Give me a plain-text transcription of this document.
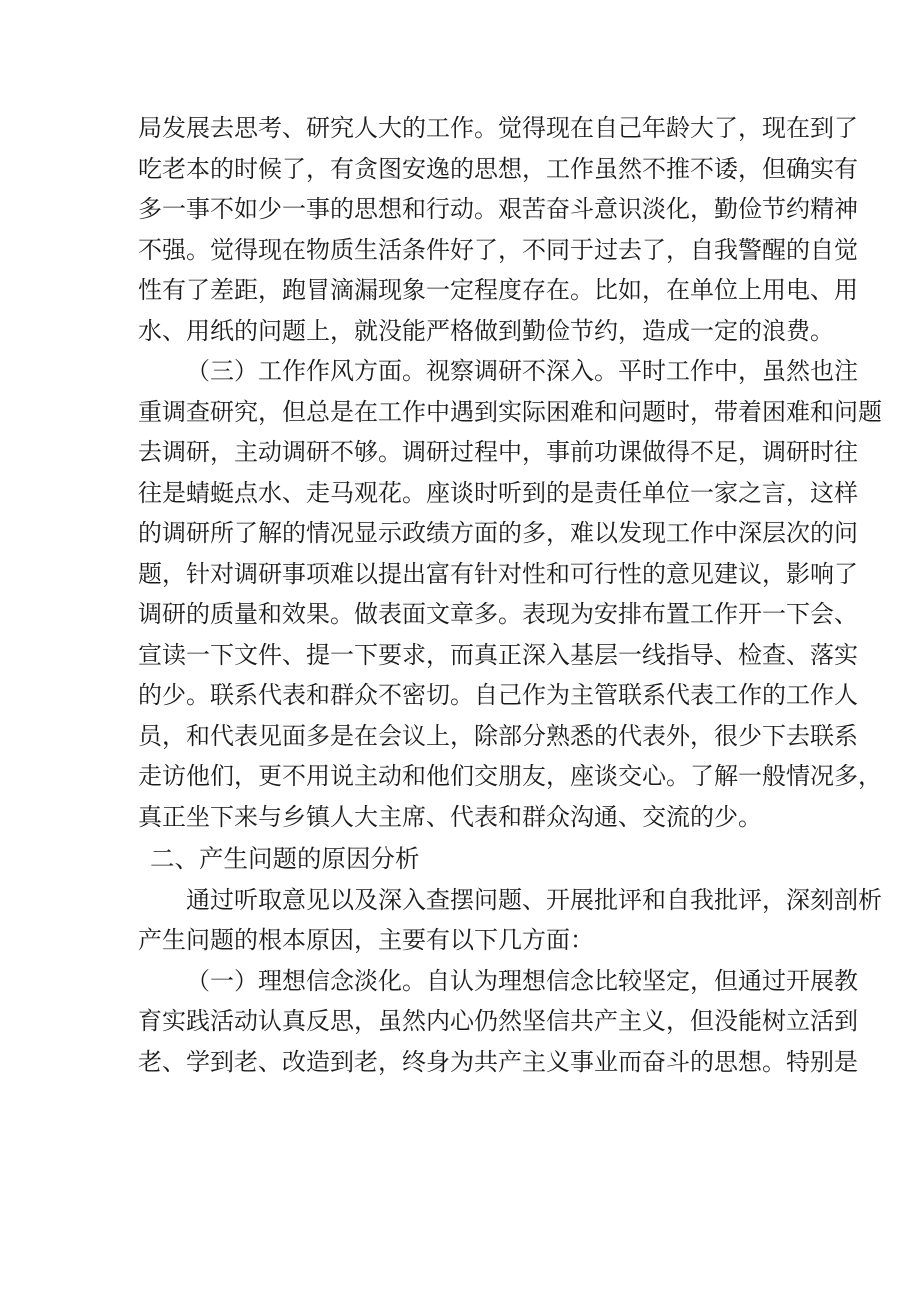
局发展去思考、研究人大的工作。觉得现在自己年龄大了，现在到了
吃老本的时候了，有贪图安逸的思想，工作虽然不推不诿，但确实有
多一事不如少一事的思想和行动。艰苦奋斗意识淡化，勤俭节约精神
不强。觉得现在物质生活条件好了，不同于过去了，自我警醒的自觉
性有了差距，跑冒滴漏现象一定程度存在。比如，在单位上用电、用
水、用纸的问题上，就没能严格做到勤俭节约，造成一定的浪费。
（三）工作作风方面。视察调研不深入。平时工作中，虽然也注
重调查研究，但总是在工作中遇到实际困难和问题时，带着困难和问题
去调研，主动调研不够。调研过程中，事前功课做得不足，调研时往
往是蜻蜓点水、走马观花。座谈时听到的是责任单位一家之言，这样
的调研所了解的情况显示政绩方面的多，难以发现工作中深层次的问
题，针对调研事项难以提出富有针对性和可行性的意见建议，影响了
调研的质量和效果。做表面文章多。表现为安排布置工作开一下会、
宣读一下文件、提一下要求，而真正深入基层一线指导、检查、落实
的少。联系代表和群众不密切。自己作为主管联系代表工作的工作人
员，和代表见面多是在会议上，除部分熟悉的代表外，很少下去联系
走访他们，更不用说主动和他们交朋友，座谈交心。了解一般情况多，
真正坐下来与乡镇人大主席、代表和群众沟通、交流的少。
二、产生问题的原因分析
通过听取意见以及深入查摆问题、开展批评和自我批评，深刻剖析
产生问题的根本原因，主要有以下几方面：
（一）理想信念淡化。自认为理想信念比较坚定，但通过开展教
育实践活动认真反思，虽然内心仍然坚信共产主义，但没能树立活到
老、学到老、改造到老，终身为共产主义事业而奋斗的思想。特别是
